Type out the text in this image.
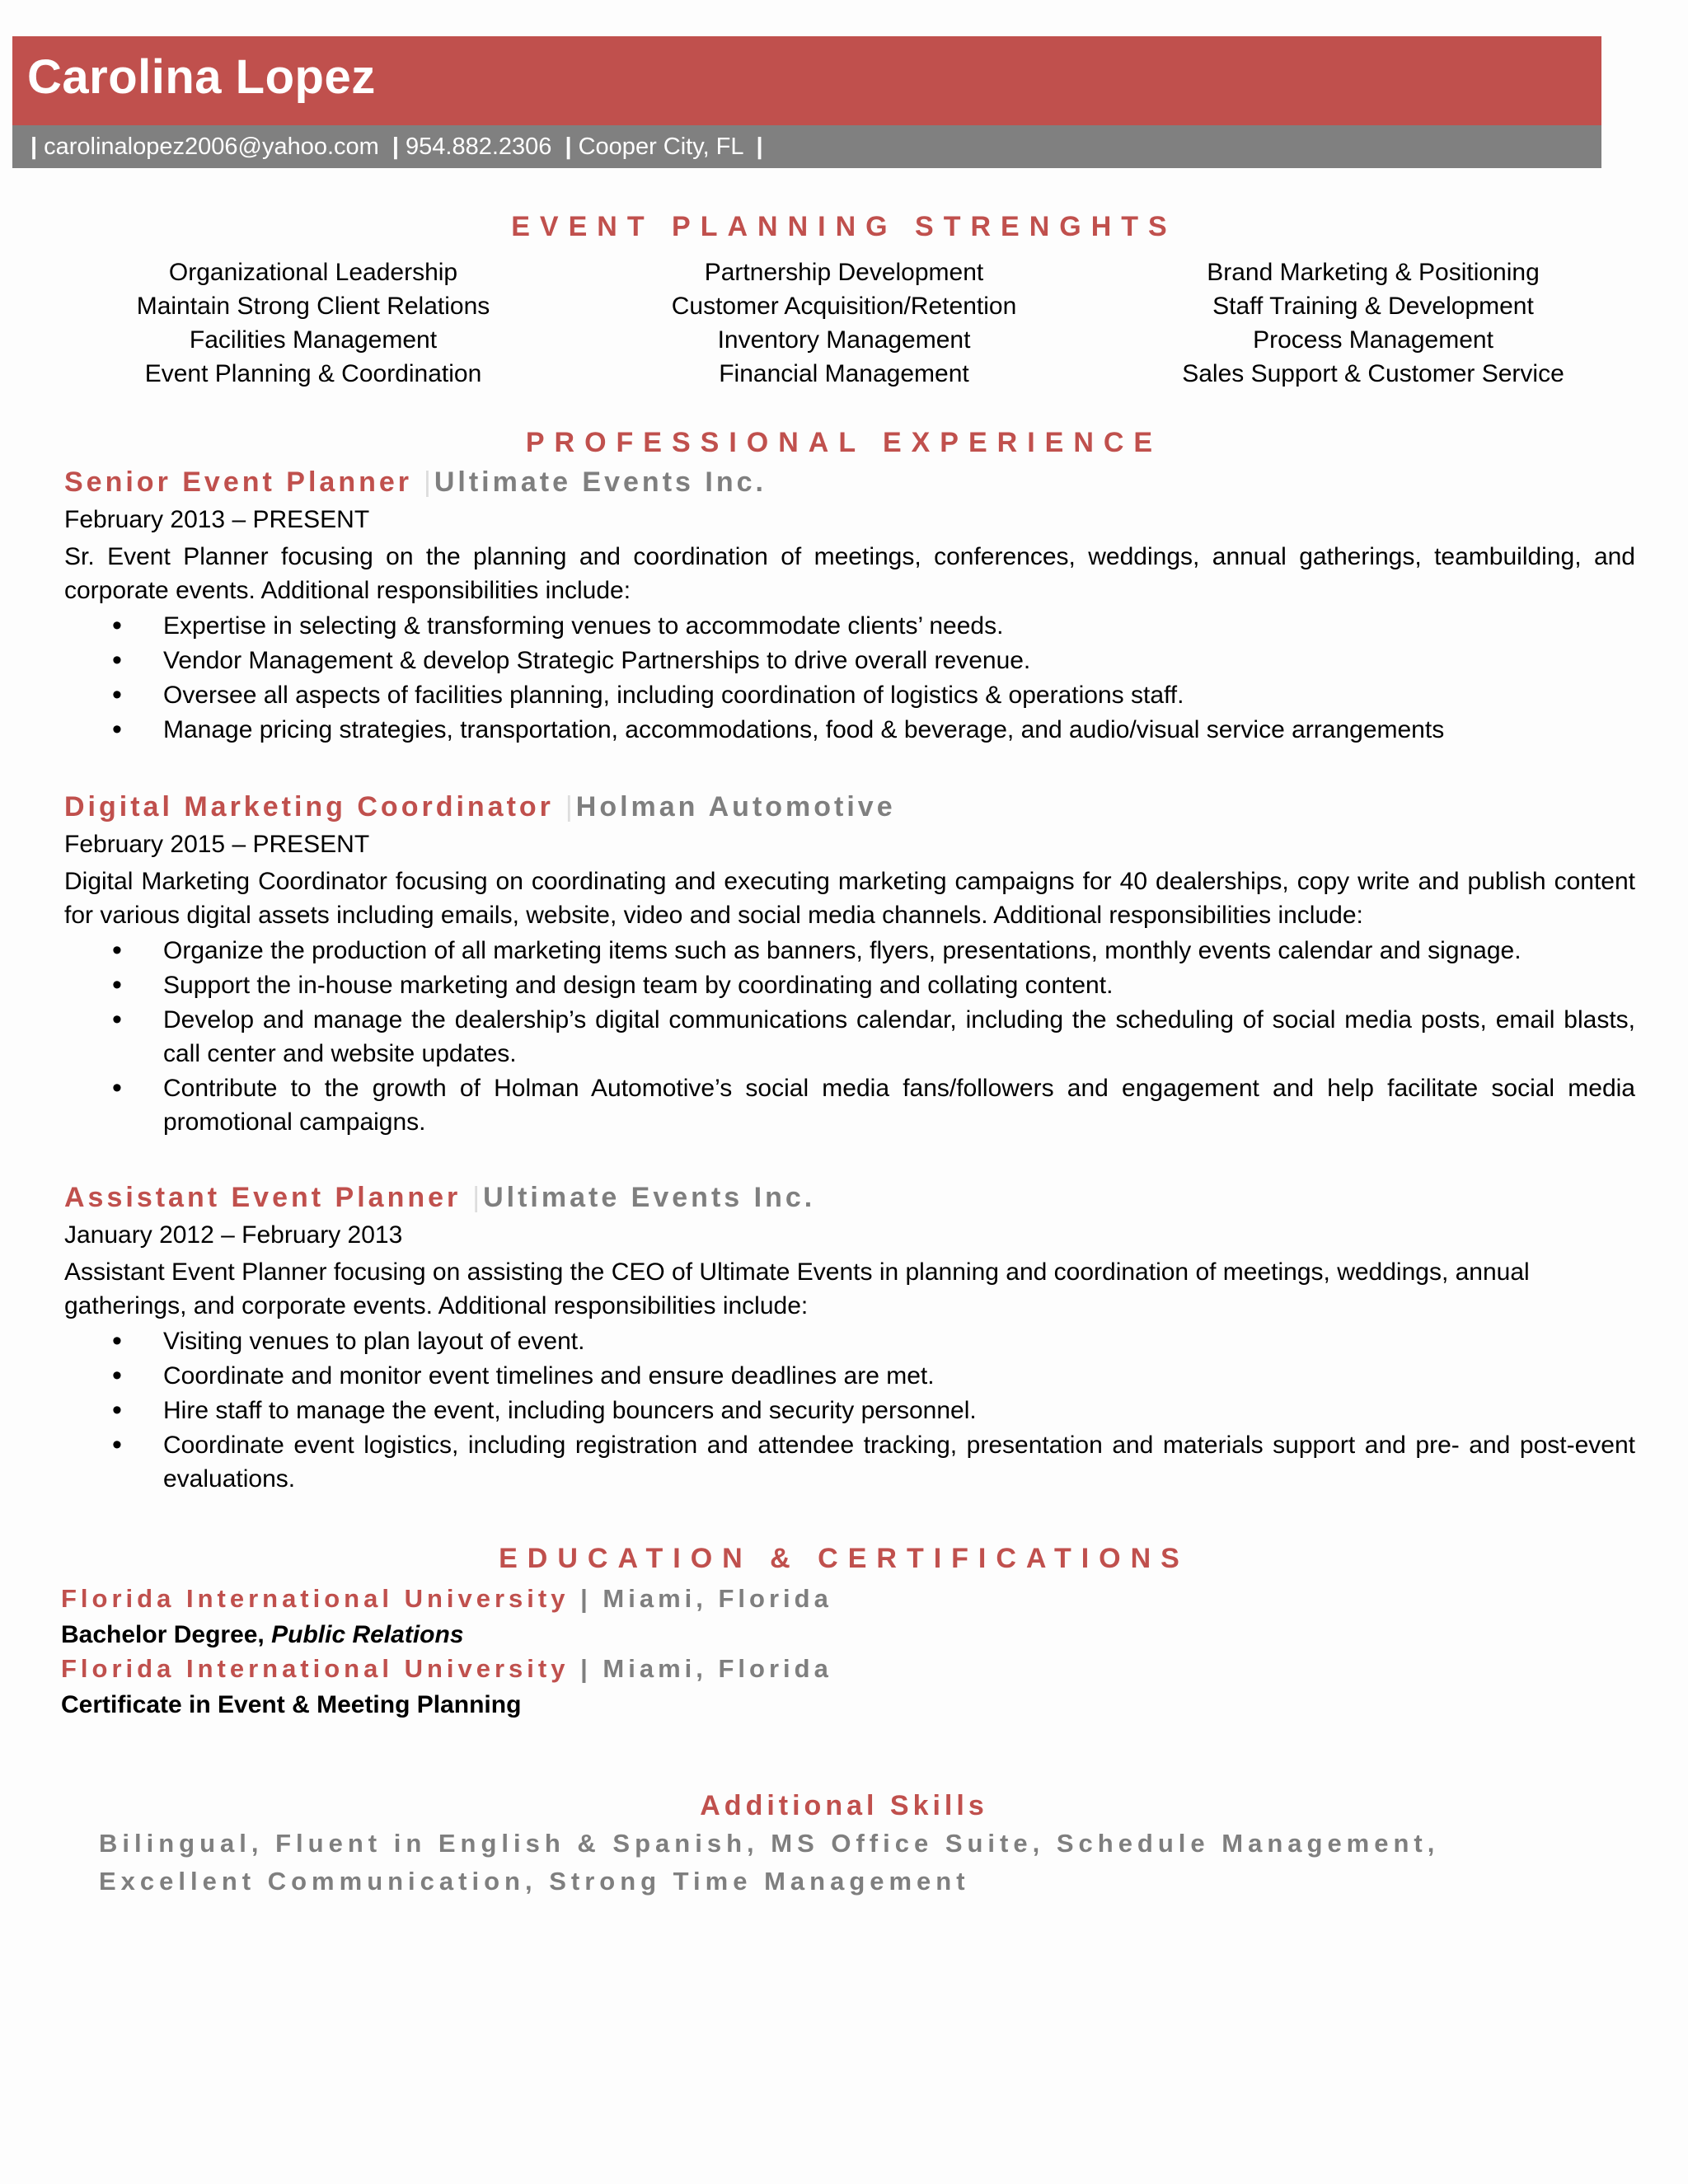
Carolina Lopez
| carolinalopez2006@yahoo.com | 954.882.2306 | Cooper City, FL |
EVENT PLANNING STRENGHTS
Organizational Leadership
Maintain Strong Client Relations
Facilities Management
Event Planning & Coordination
Partnership Development
Customer Acquisition/Retention
Inventory Management
Financial Management
Brand Marketing & Positioning
Staff Training & Development
Process Management
Sales Support & Customer Service
PROFESSIONAL EXPERIENCE
Senior Event Planner | Ultimate Events Inc.
February 2013 – PRESENT
Sr. Event Planner focusing on the planning and coordination of meetings, conferences, weddings, annual gatherings, teambuilding, and corporate events. Additional responsibilities include:
• Expertise in selecting & transforming venues to accommodate clients’ needs.
• Vendor Management & develop Strategic Partnerships to drive overall revenue.
• Oversee all aspects of facilities planning, including coordination of logistics & operations staff.
• Manage pricing strategies, transportation, accommodations, food & beverage, and audio/visual service arrangements
Digital Marketing Coordinator | Holman Automotive
February 2015 – PRESENT
Digital Marketing Coordinator focusing on coordinating and executing marketing campaigns for 40 dealerships, copy write and publish content for various digital assets including emails, website, video and social media channels. Additional responsibilities include:
• Organize the production of all marketing items such as banners, flyers, presentations, monthly events calendar and signage.
• Support the in-house marketing and design team by coordinating and collating content.
• Develop and manage the dealership’s digital communications calendar, including the scheduling of social media posts, email blasts, call center and website updates.
• Contribute to the growth of Holman Automotive’s social media fans/followers and engagement and help facilitate social media promotional campaigns.
Assistant Event Planner | Ultimate Events Inc.
January 2012 – February 2013
Assistant Event Planner focusing on assisting the CEO of Ultimate Events in planning and coordination of meetings, weddings, annual gatherings, and corporate events. Additional responsibilities include:
• Visiting venues to plan layout of event.
• Coordinate and monitor event timelines and ensure deadlines are met.
• Hire staff to manage the event, including bouncers and security personnel.
• Coordinate event logistics, including registration and attendee tracking, presentation and materials support and pre- and post-event evaluations.
EDUCATION & CERTIFICATIONS
Florida International University | Miami, Florida
Bachelor Degree, Public Relations
Florida International University | Miami, Florida
Certificate in Event & Meeting Planning
Additional Skills
Bilingual, Fluent in English & Spanish, MS Office Suite, Schedule Management, Excellent Communication, Strong Time Management
